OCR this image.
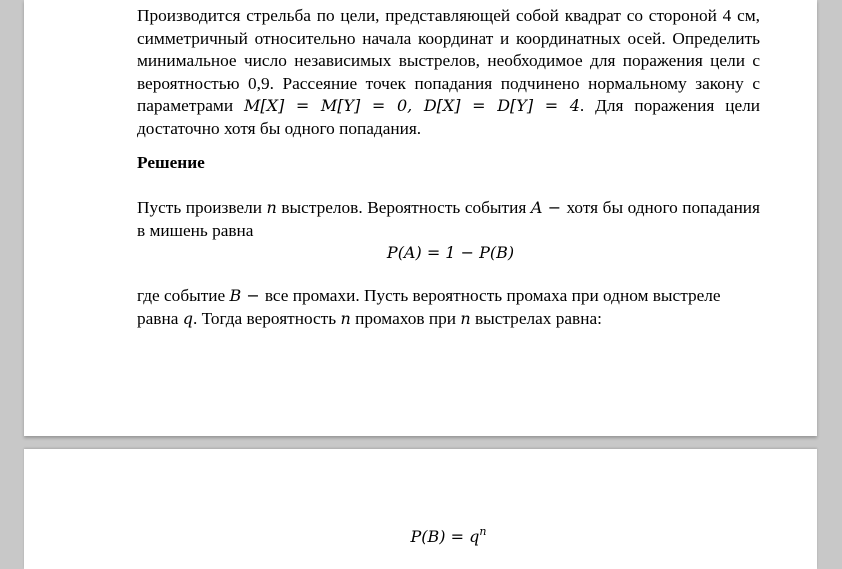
Производится стрельба по цели, представляющей собой квадрат со стороной 4 см, симметричный относительно начала координат и координатных осей. Определить минимальное число независимых выстрелов, необходимое для поражения цели с вероятностью 0,9. Рассеяние точек попадания подчинено нормальному закону с параметрами M[X] = M[Y] = 0, D[X] = D[Y] = 4. Для поражения цели достаточно хотя бы одного попадания.

Решение

Пусть произвели n выстрелов. Вероятность события A − хотя бы одного попадания в мишень равна

P(A) = 1 − P(B)

где событие B − все промахи. Пусть вероятность промаха при одном выстреле равна q. Тогда вероятность n промахов при n выстрелах равна:

$P(B) = q^n$
